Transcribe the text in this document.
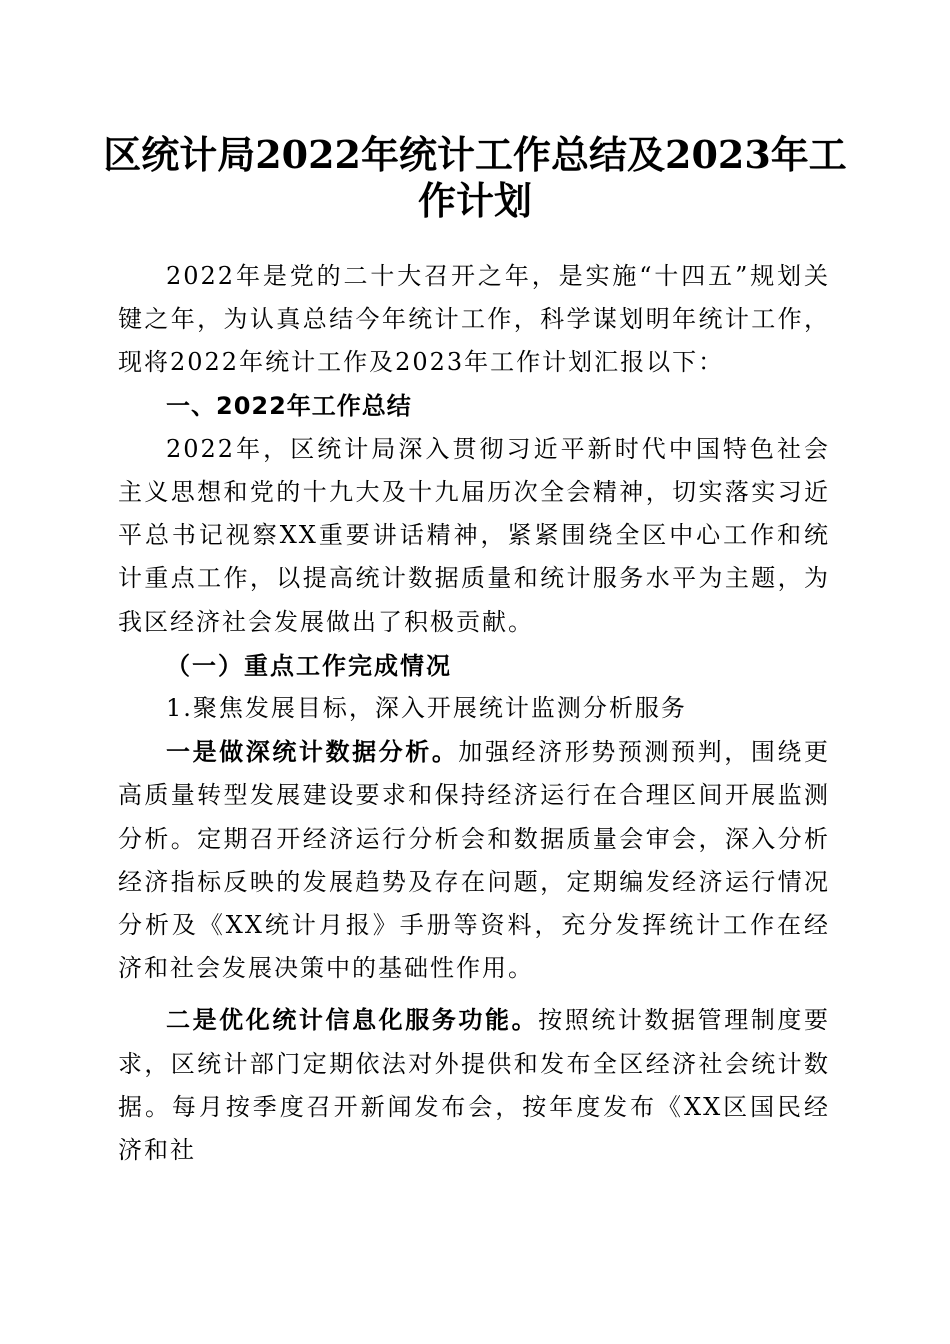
区统计局2022年统计工作总结及2023年工作计划

2022年是党的二十大召开之年，是实施“十四五”规划关键之年，为认真总结今年统计工作，科学谋划明年统计工作，现将2022年统计工作及2023年工作计划汇报以下：

一、2022年工作总结

2022年，区统计局深入贯彻习近平新时代中国特色社会主义思想和党的十九大及十九届历次全会精神，切实落实习近平总书记视察XX重要讲话精神，紧紧围绕全区中心工作和统计重点工作，以提高统计数据质量和统计服务水平为主题，为我区经济社会发展做出了积极贡献。

（一）重点工作完成情况

1.聚焦发展目标，深入开展统计监测分析服务

一是做深统计数据分析。加强经济形势预测预判，围绕更高质量转型发展建设要求和保持经济运行在合理区间开展监测分析。定期召开经济运行分析会和数据质量会审会，深入分析经济指标反映的发展趋势及存在问题，定期编发经济运行情况分析及《XX统计月报》手册等资料，充分发挥统计工作在经济和社会发展决策中的基础性作用。

二是优化统计信息化服务功能。按照统计数据管理制度要求，区统计部门定期依法对外提供和发布全区经济社会统计数据。每月按季度召开新闻发布会，按年度发布《XX区国民经济和社
